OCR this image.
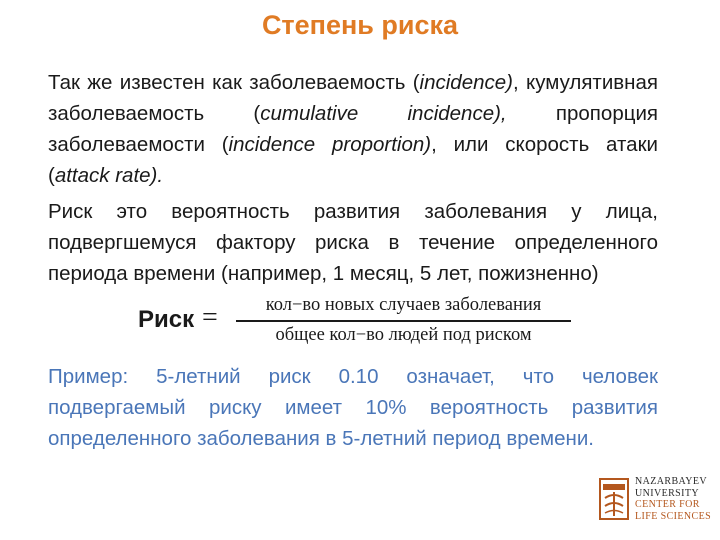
Степень риска
Так же известен как заболеваемость (incidence), кумулятивная заболеваемость (cumulative incidence), пропорция заболеваемости (incidence proportion), или скорость атаки (attack rate).
Риск это вероятность развития заболевания у лица, подвергшемуся фактору риска в течение определенного периода времени (например, 1 месяц, 5 лет, пожизненно)
Риск =	кол−во новых случаев заболевания
общее кол−во людей под риском
Пример: 5-летний риск 0.10 означает, что человек подвергаемый риску имеет 10% вероятность развития определенного заболевания в 5-летний период времени.
NAZARBAYEV
UNIVERSITY
CENTER FOR
LIFE SCIENCES
